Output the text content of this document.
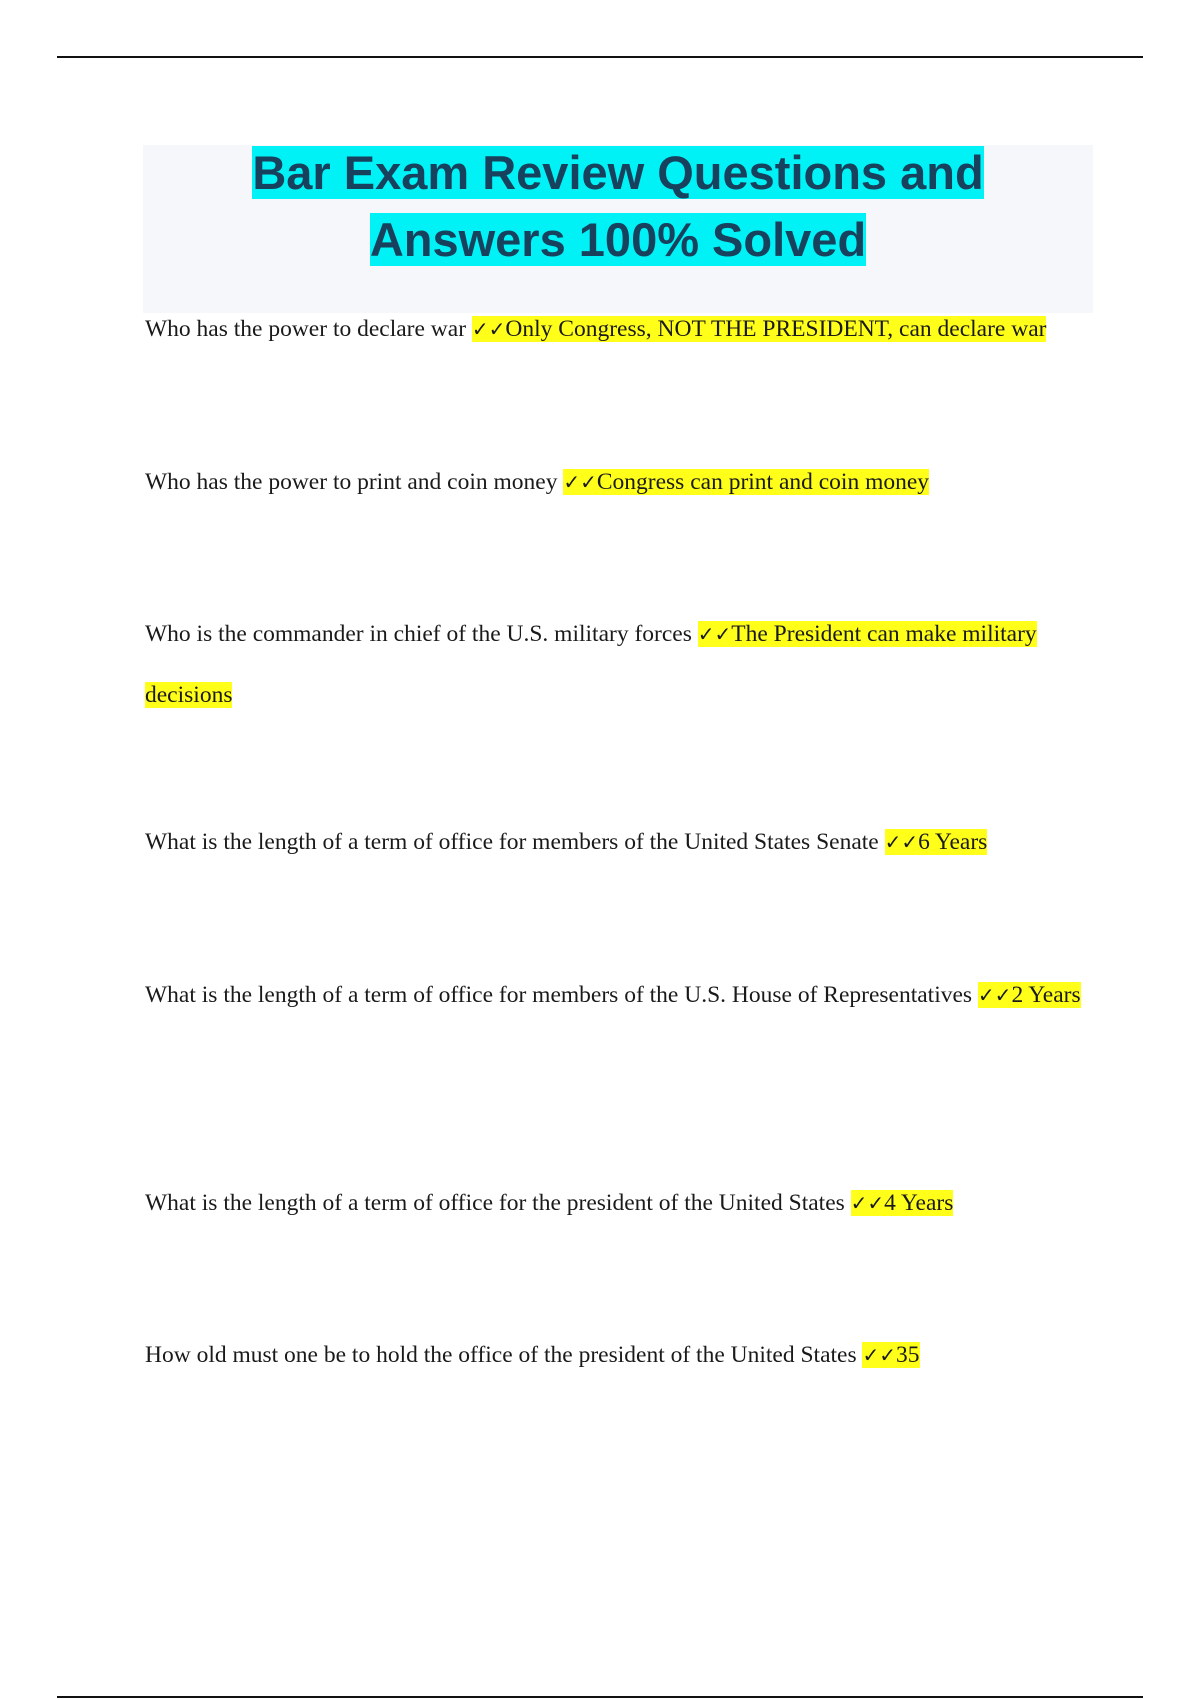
Bar Exam Review Questions and
Answers 100% Solved

Who has the power to declare war ✓✓Only Congress, NOT THE PRESIDENT, can declare war

Who has the power to print and coin money ✓✓Congress can print and coin money

Who is the commander in chief of the U.S. military forces ✓✓The President can make military decisions

What is the length of a term of office for members of the United States Senate ✓✓6 Years

What is the length of a term of office for members of the U.S. House of Representatives ✓✓2 Years

What is the length of a term of office for the president of the United States ✓✓4 Years

How old must one be to hold the office of the president of the United States ✓✓35
